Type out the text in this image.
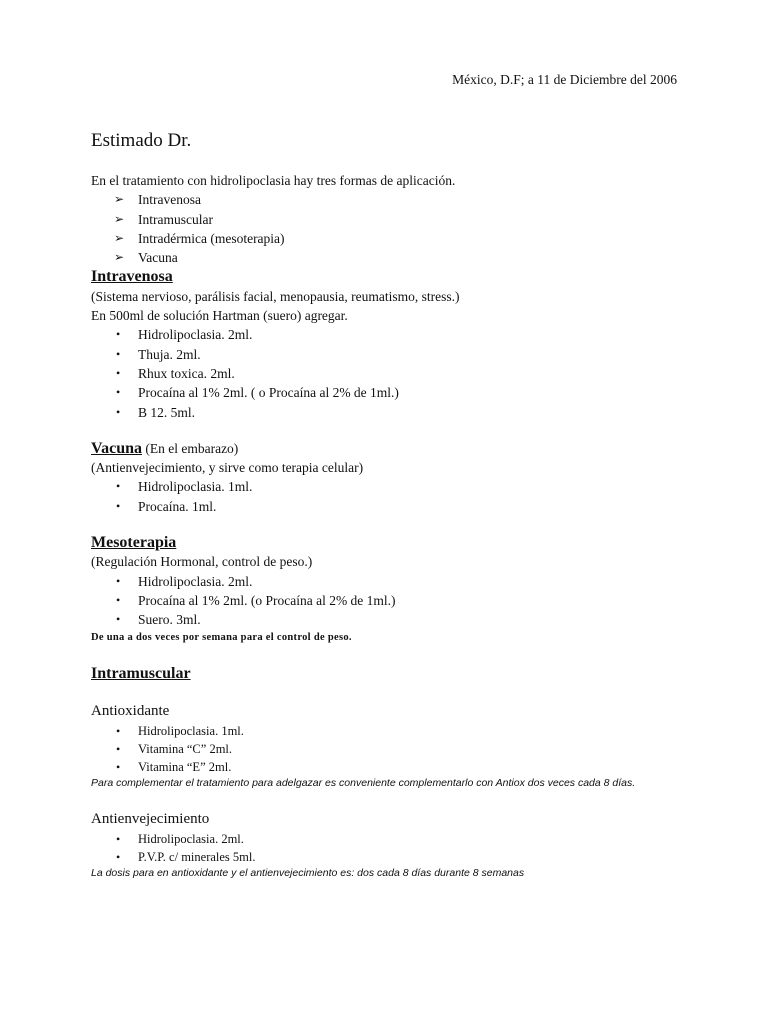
México, D.F; a 11 de Diciembre del 2006
Estimado Dr.

En el tratamiento con hidrolipoclasia hay tres formas de aplicación.

➢ Intravenosa
➢ Intramuscular
➢ Intradérmica (mesoterapia)
➢ Vacuna
Intravenosa

(Sistema nervioso, parálisis facial, menopausia, reumatismo, stress.)

En 500ml de solución Hartman (suero) agregar.

• Hidrolipoclasia. 2ml.
• Thuja. 2ml.
• Rhux toxica. 2ml.
• Procaína al 1% 2ml. ( o Procaína al 2% de 1ml.)
• B 12. 5ml.
Vacuna (En el embarazo)

(Antienvejecimiento, y sirve como terapia celular)

• Hidrolipoclasia. 1ml.
• Procaína. 1ml.
Mesoterapia

(Regulación Hormonal, control de peso.)

• Hidrolipoclasia. 2ml.
• Procaína al 1% 2ml. (o Procaína al 2% de 1ml.)
• Suero. 3ml.

De una a dos veces por semana para el control de peso.

Intramuscular
Antioxidante
• Hidrolipoclasia. 1ml.
• Vitamina “C” 2ml.
• Vitamina “E” 2ml.

Para complementar el tratamiento para adelgazar es conveniente complementarlo con Antiox dos veces cada 8 días.

Antienvejecimiento
• Hidrolipoclasia. 2ml.
• P.V.P. c/ minerales 5ml.

La dosis para en antioxidante y el antienvejecimiento es: dos cada 8 días durante 8 semanas
